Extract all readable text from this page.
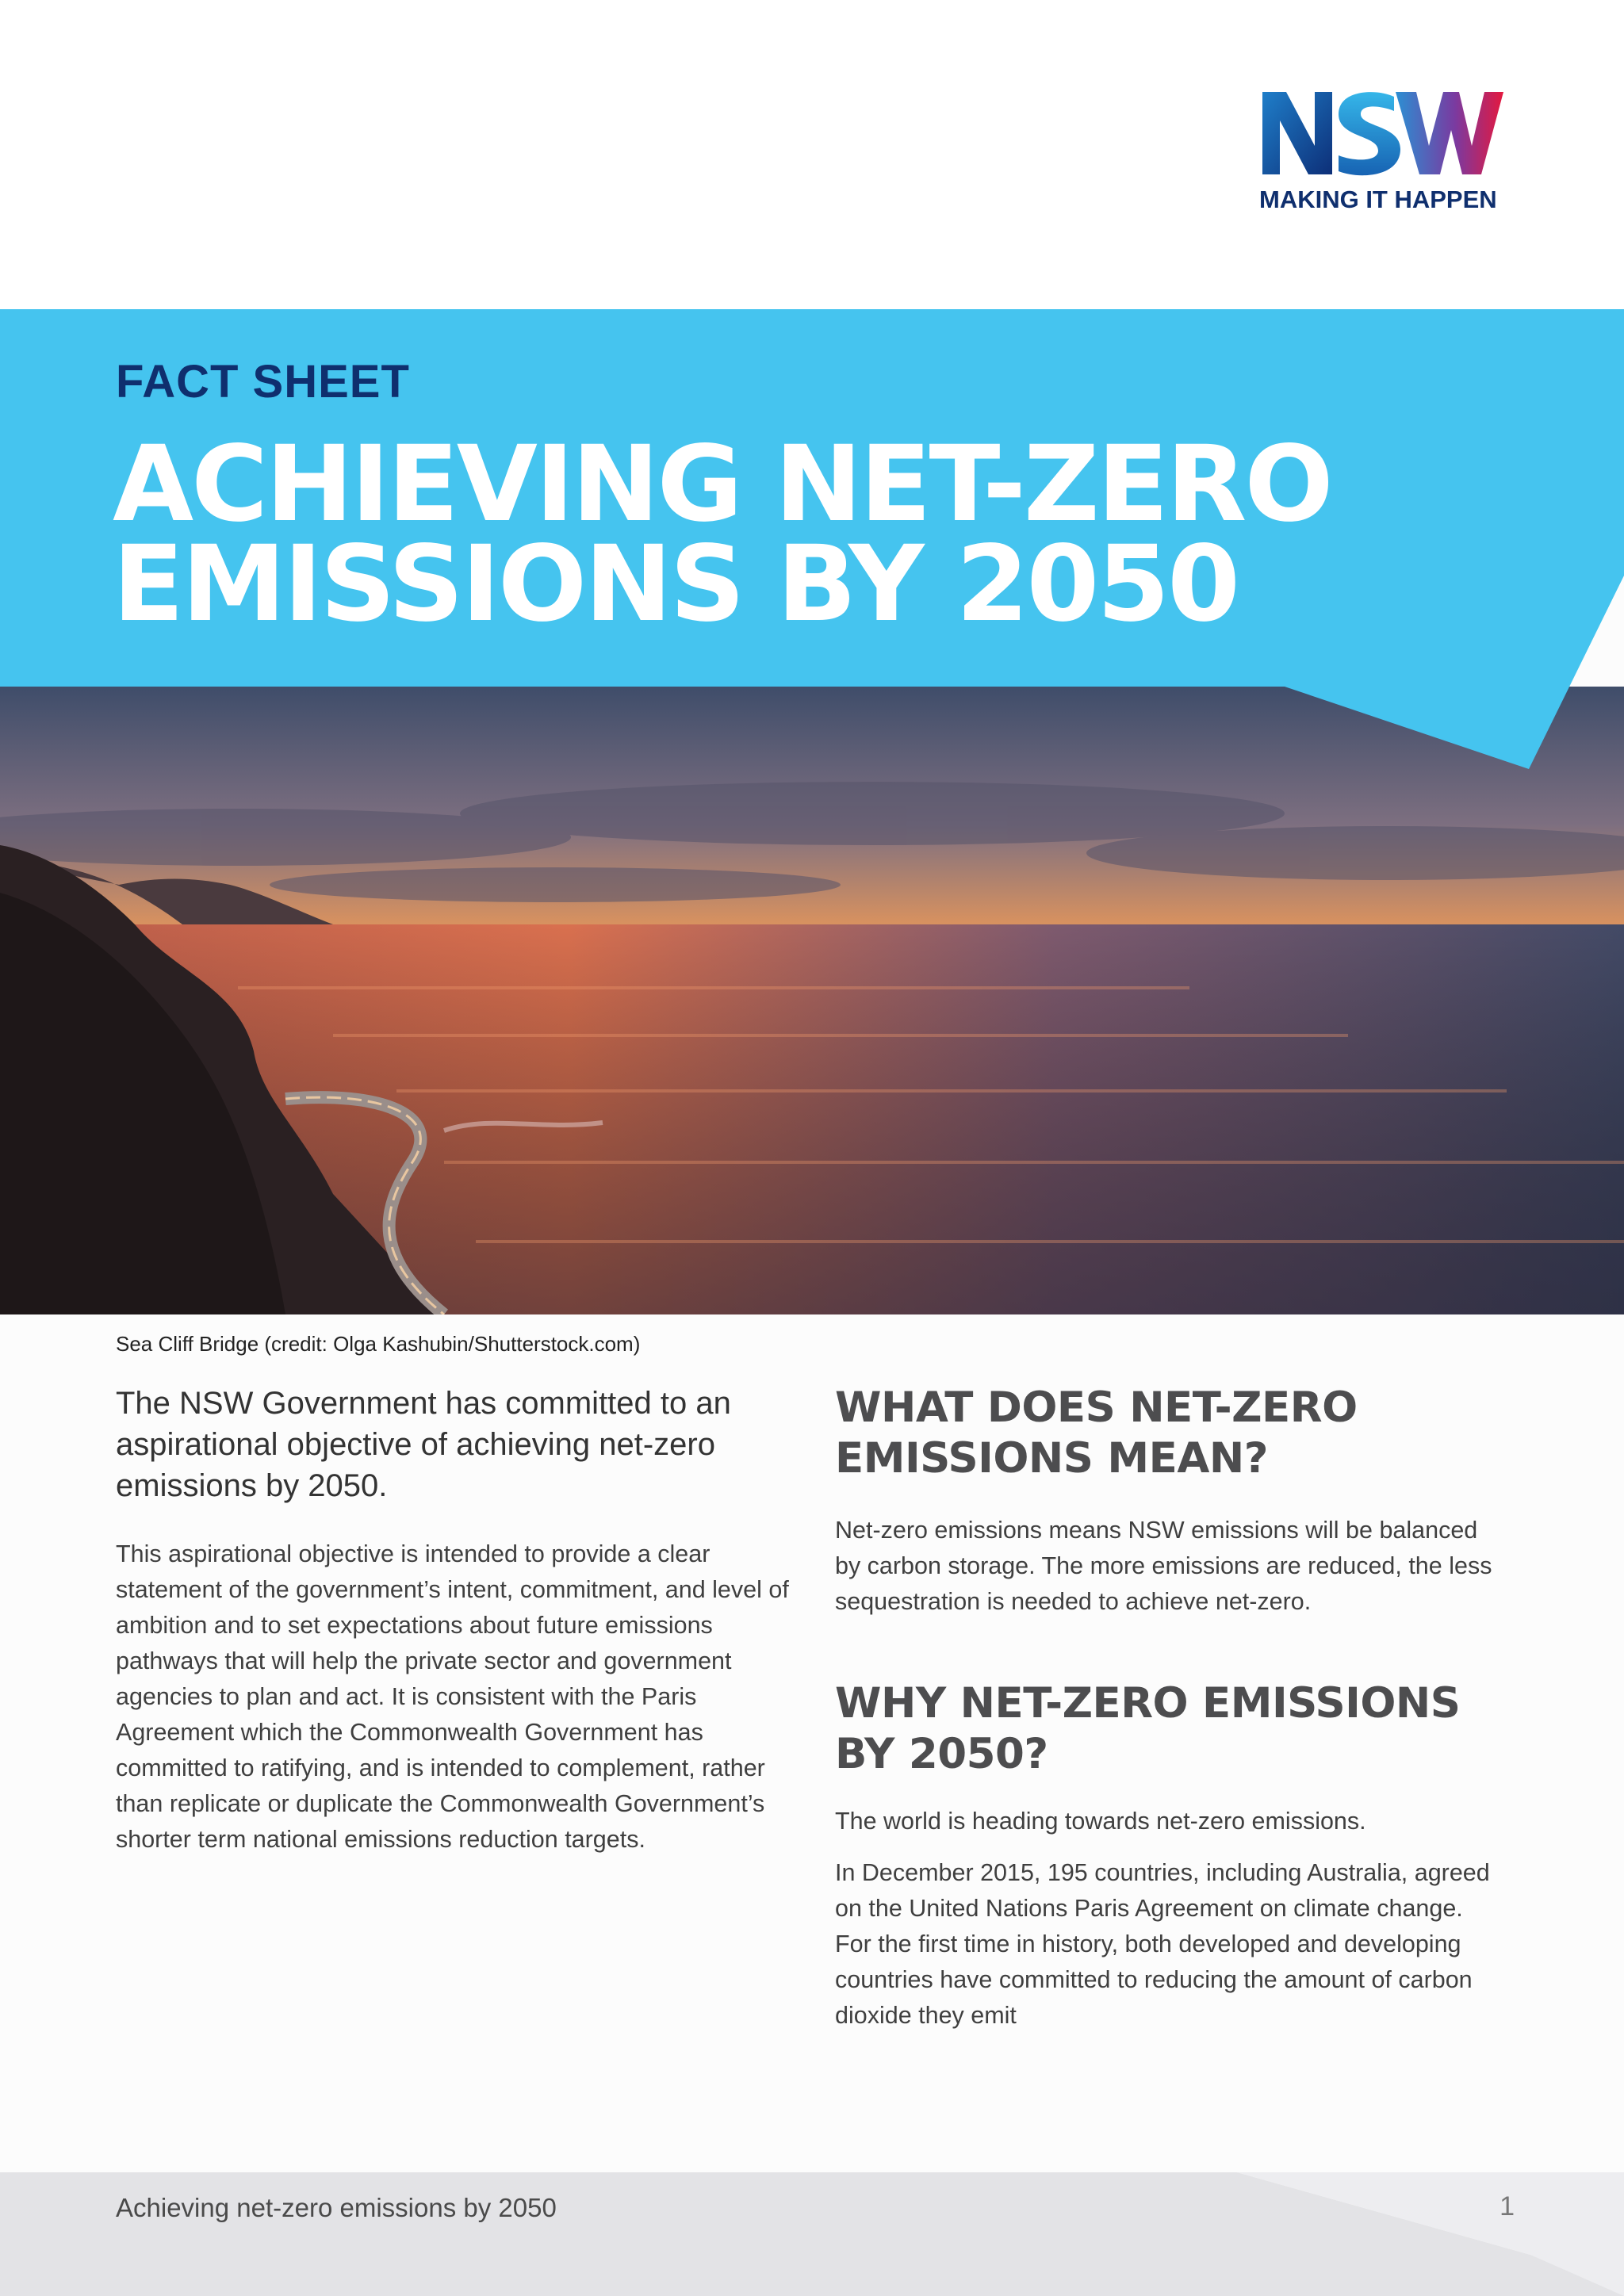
MAKING IT HAPPEN
FACT SHEET
ACHIEVING NET-ZERO
EMISSIONS BY 2050
Sea Cliff Bridge (credit: Olga Kashubin/Shutterstock.com)

The NSW Government has committed to an aspirational objective of achieving net-zero emissions by 2050.

This aspirational objective is intended to provide a clear statement of the government’s intent, commitment, and level of ambition and to set expectations about future emissions pathways that will help the private sector and government agencies to plan and act. It is consistent with the Paris Agreement which the Commonwealth Government has committed to ratifying, and is intended to complement, rather than replicate or duplicate the Commonwealth Government’s shorter term national emissions reduction targets.

WHAT DOES NET-ZERO EMISSIONS MEAN?

Net-zero emissions means NSW emissions will be balanced by carbon storage. The more emissions are reduced, the less sequestration is needed to achieve net-zero.

WHY NET-ZERO EMISSIONS BY 2050?

The world is heading towards net-zero emissions.

In December 2015, 195 countries, including Australia, agreed on the United Nations Paris Agreement on climate change. For the first time in history, both developed and developing countries have committed to reducing the amount of carbon dioxide they emit

Achieving net-zero emissions by 2050	1
